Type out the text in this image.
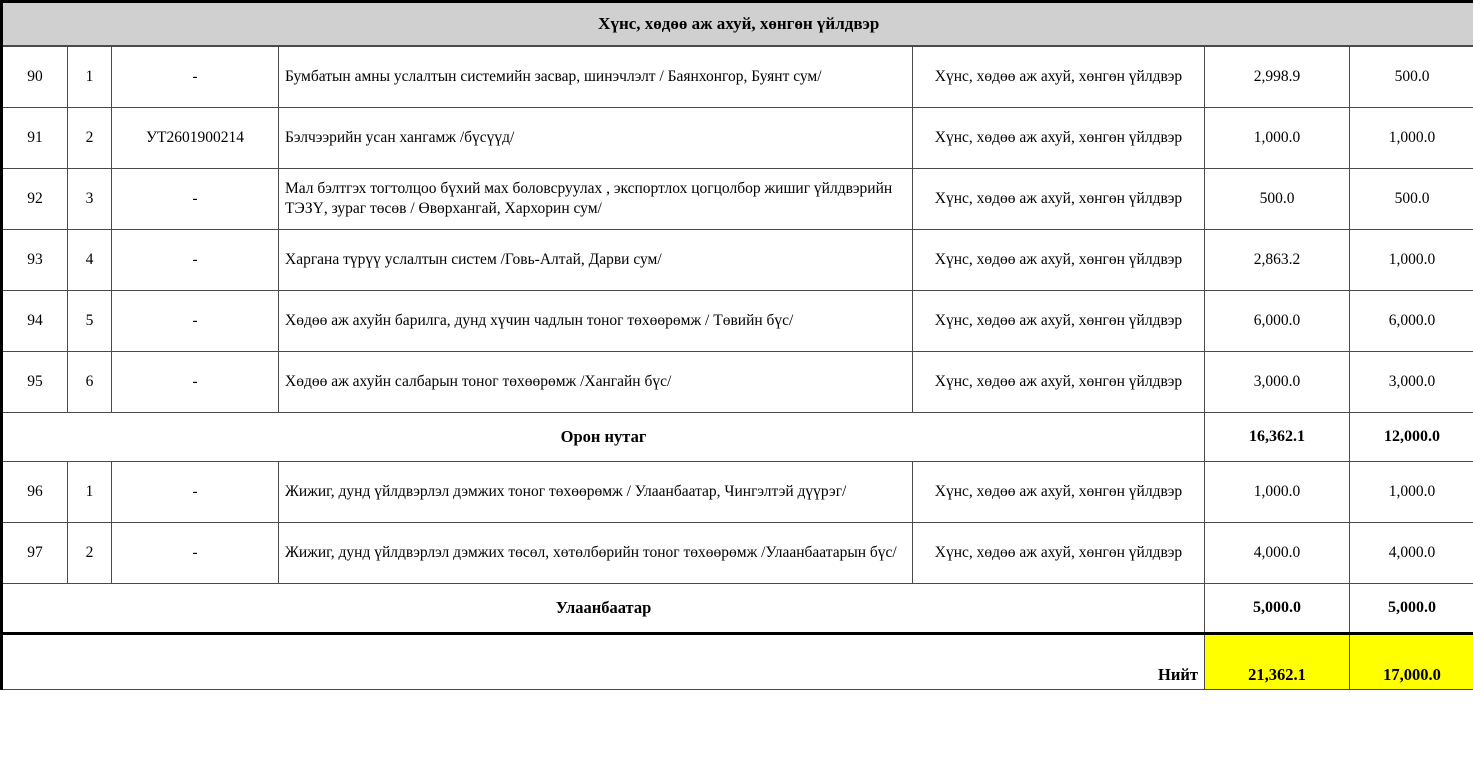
Хүнс, хөдөө аж ахуй, хөнгөн үйлдвэр						
90	1	-	Бумбатын амны услалтын системийн засвар, шинэчлэлт / Баянхонгор, Буянт сум/	Хүнс, хөдөө аж ахуй, хөнгөн үйлдвэр	2,998.9	500.0
91	2	УТ2601900214	Бэлчээрийн усан хангамж /бүсүүд/	Хүнс, хөдөө аж ахуй, хөнгөн үйлдвэр	1,000.0	1,000.0
92	3	-	Мал бэлтгэх тогтолцоо бүхий мах боловсруулах , экспортлох цогцолбор жишиг үйлдвэрийн ТЭЗҮ, зураг төсөв / Өвөрхангай, Хархорин сум/	Хүнс, хөдөө аж ахуй, хөнгөн үйлдвэр	500.0	500.0
93	4	-	Харгана түрүү услалтын систем /Говь-Алтай, Дарви сум/	Хүнс, хөдөө аж ахуй, хөнгөн үйлдвэр	2,863.2	1,000.0
94	5	-	Хөдөө аж ахуйн барилга, дунд хүчин чадлын тоног төхөөрөмж / Төвийн бүс/	Хүнс, хөдөө аж ахуй, хөнгөн үйлдвэр	6,000.0	6,000.0
95	6	-	Хөдөө аж ахуйн салбарын тоног төхөөрөмж /Хангайн бүс/	Хүнс, хөдөө аж ахуй, хөнгөн үйлдвэр	3,000.0	3,000.0
Орон нутаг					16,362.1	12,000.0
96	1	-	Жижиг, дунд үйлдвэрлэл дэмжих тоног төхөөрөмж / Улаанбаатар, Чингэлтэй дүүрэг/	Хүнс, хөдөө аж ахуй, хөнгөн үйлдвэр	1,000.0	1,000.0
97	2	-	Жижиг, дунд үйлдвэрлэл дэмжих төсөл, хөтөлбөрийн тоног төхөөрөмж /Улаанбаатарын бүс/	Хүнс, хөдөө аж ахуй, хөнгөн үйлдвэр	4,000.0	4,000.0
Улаанбаатар					5,000.0	5,000.0
Нийт					21,362.1	17,000.0
